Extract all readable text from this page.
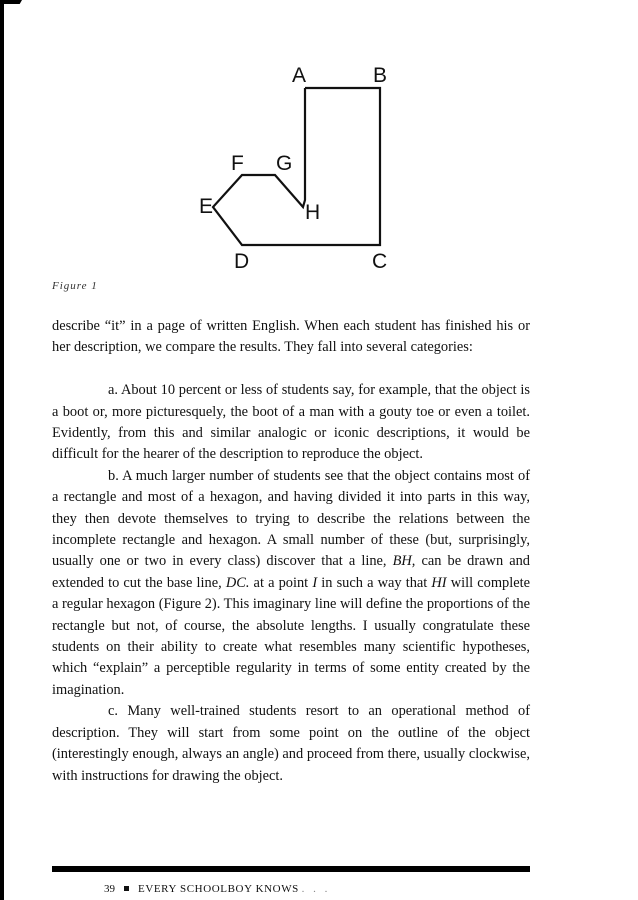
A	B
C
D
E
F G
H
Figure 1

describe “it” in a page of written English. When each student has finished his or her description, we compare the results. They fall into several categories:

a. About 10 percent or less of students say, for example, that the object is a boot or, more picturesquely, the boot of a man with a gouty toe or even a toilet. Evidently, from this and similar analogic or iconic descriptions, it would be difficult for the hearer of the description to reproduce the object.

b. A much larger number of students see that the object contains most of a rectangle and most of a hexagon, and having divided it into parts in this way, they then devote themselves to trying to describe the relations between the incomplete rectangle and hexagon. A small number of these (but, surprisingly, usually one or two in every class) discover that a line, BH, can be drawn and extended to cut the base line, DC. at a point I in such a way that HI will complete a regular hexagon (Figure 2). This imaginary line will define the proportions of the rectangle but not, of course, the absolute lengths. I usually congratulate these students on their ability to create what resembles many scientific hypotheses, which “explain” a perceptible regularity in terms of some entity created by the imagination.

c. Many well-trained students resort to an operational method of description. They will start from some point on the outline of the object (interestingly enough, always an angle) and proceed from there, usually clockwise, with instructions for drawing the object.

39 EVERY SCHOOLBOY KNOWS . . .
